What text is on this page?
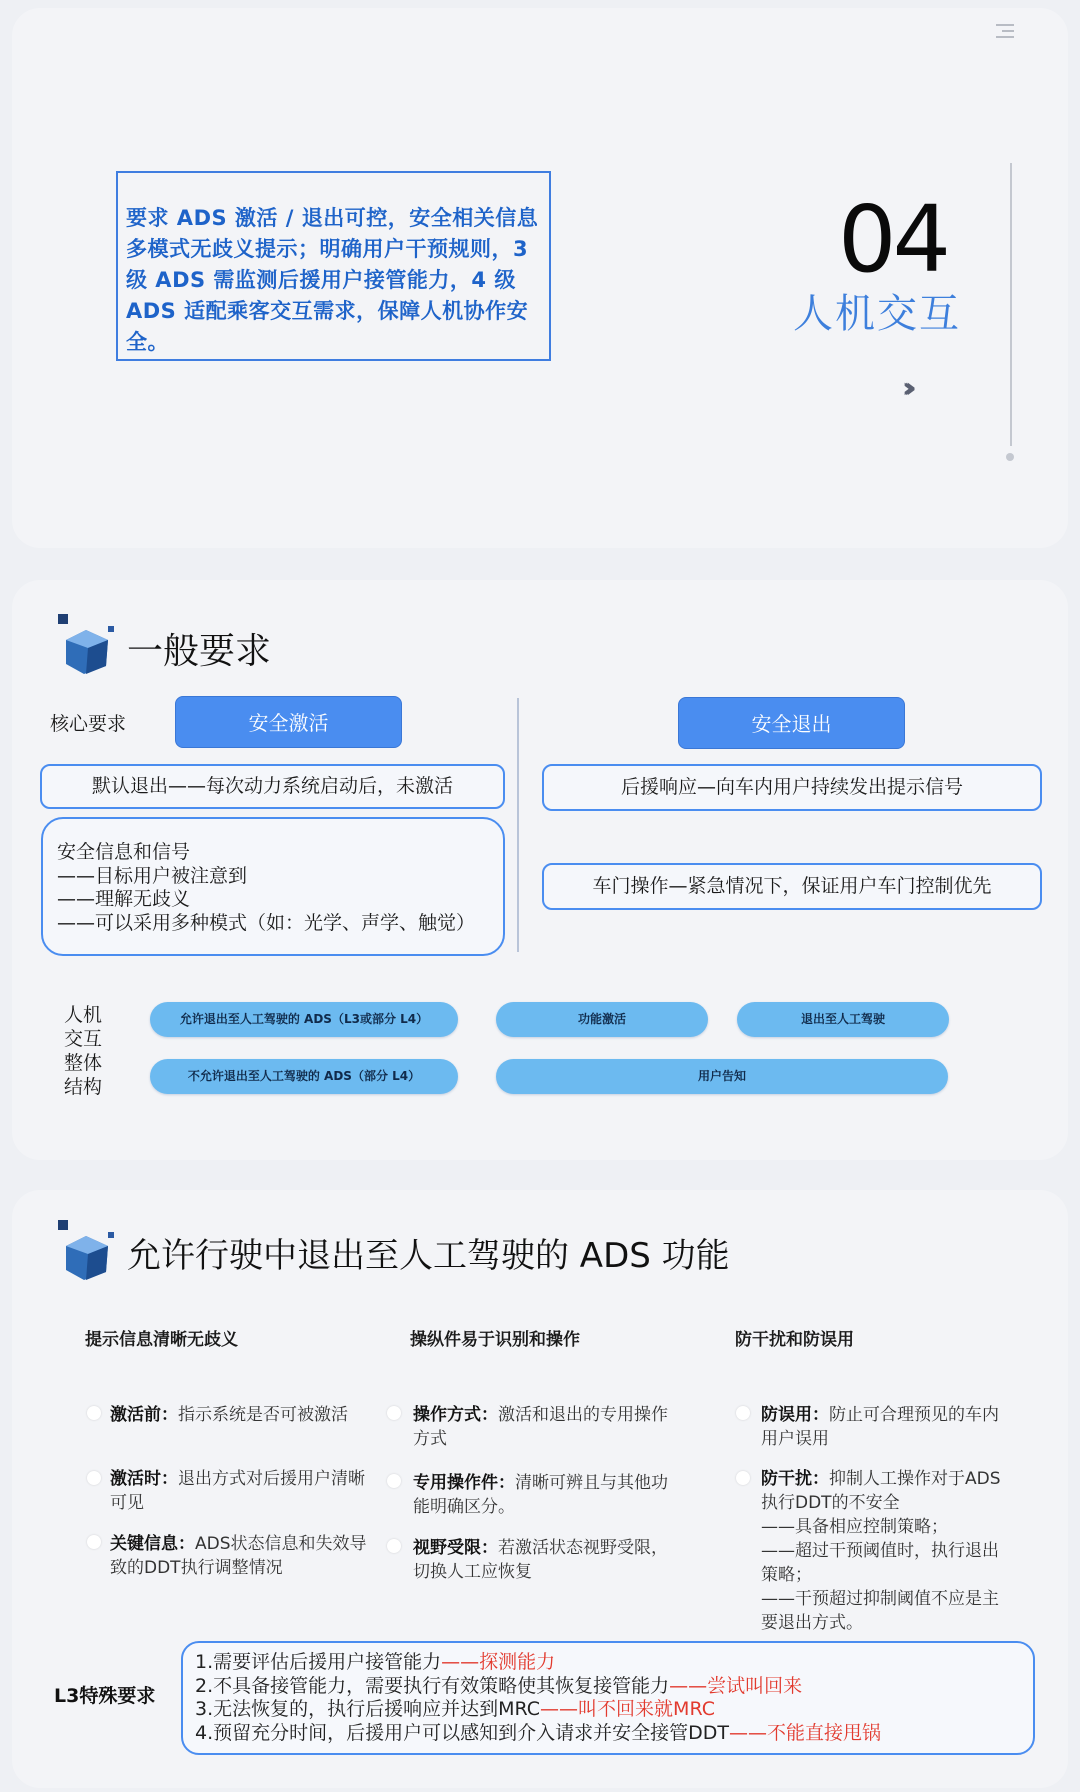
要求 ADS 激活 / 退出可控，安全相关信息多模式无歧义提示；明确用户干预规则，3 级 ADS 需监测后援用户接管能力，4 级 ADS 适配乘客交互需求，保障人机协作安全。
04
人机交互
›››
一般要求
核心要求	安全激活	安全退出
默认退出——每次动力系统启动后，未激活
安全信息和信号
——目标用户被注意到
——理解无歧义
——可以采用多种模式（如：光学、声学、触觉）
后援响应—向车内用户持续发出提示信号
车门操作—紧急情况下，保证用户车门控制优先
人机
交互
整体
结构
允许退出至人工驾驶的 ADS（L3或部分 L4）
不允许退出至人工驾驶的 ADS（部分 L4）
功能激活	退出至人工驾驶
用户告知
允许行驶中退出至人工驾驶的 ADS 功能
提示信息清晰无歧义	操纵件易于识别和操作	防干扰和防误用
激活前：指示系统是否可被激活
激活时：退出方式对后援用户清晰可见
关键信息：ADS状态信息和失效导致的DDT执行调整情况
操作方式：激活和退出的专用操作方式
专用操作件：清晰可辨且与其他功能明确区分。
视野受限：若激活状态视野受限，切换人工应恢复
防误用：防止可合理预见的车内用户误用
防干扰：抑制人工操作对于ADS执行DDT的不安全
——具备相应控制策略；
——超过干预阈值时，执行退出策略；
——干预超过抑制阈值不应是主要退出方式。
L3特殊要求
1.需要评估后援用户接管能力——探测能力
2.不具备接管能力，需要执行有效策略使其恢复接管能力——尝试叫回来
3.无法恢复的，执行后援响应并达到MRC——叫不回来就MRC
4.预留充分时间，后援用户可以感知到介入请求并安全接管DDT——不能直接甩锅
